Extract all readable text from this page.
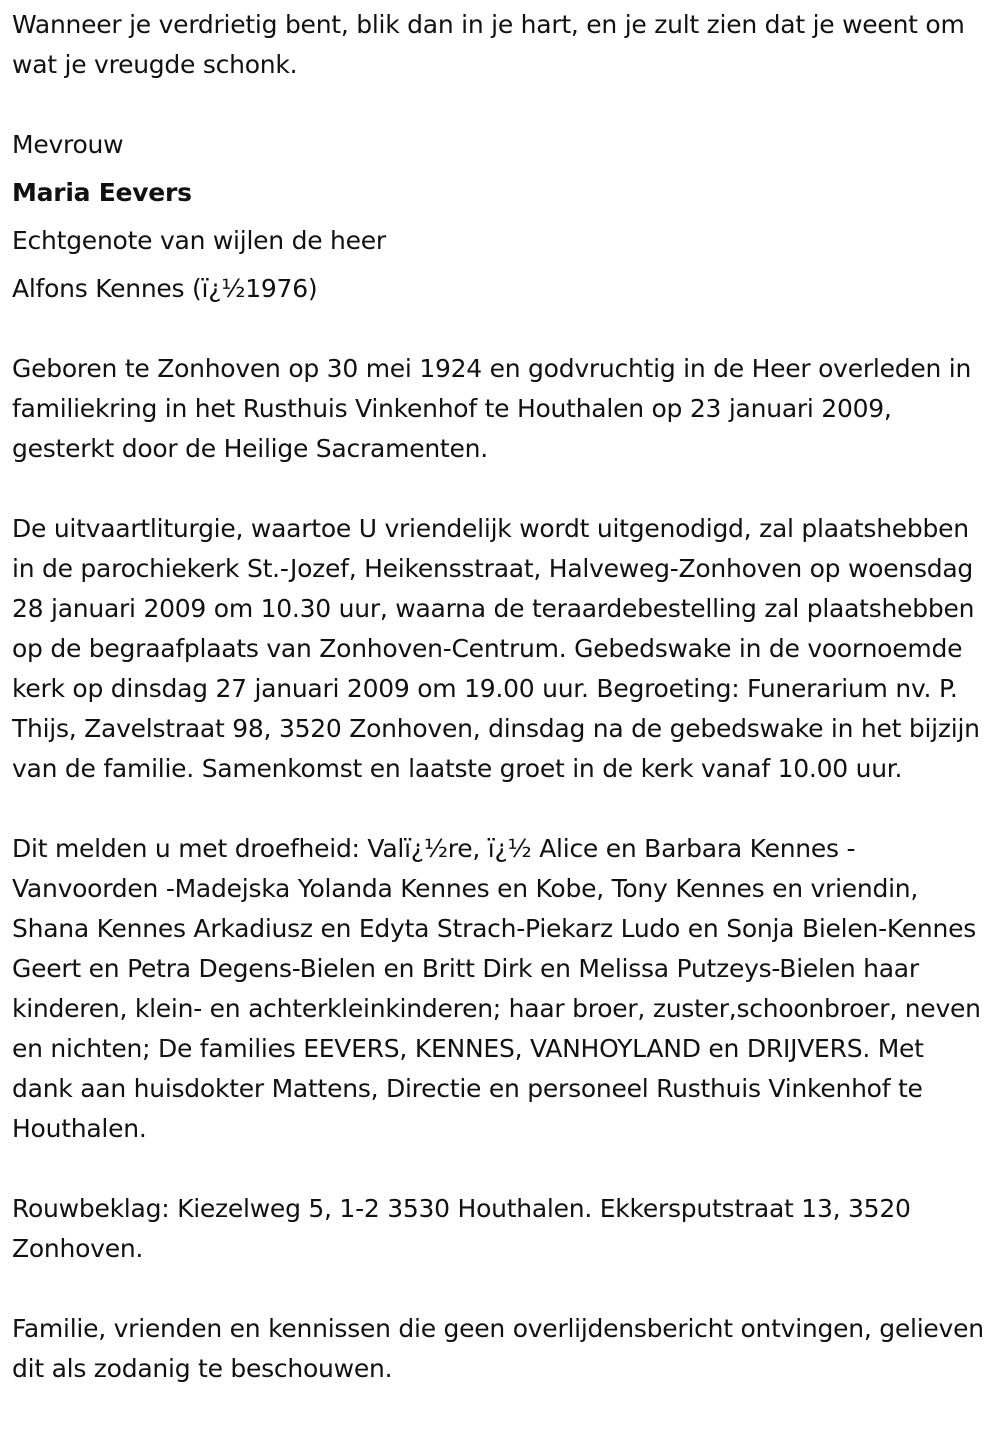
Wanneer je verdrietig bent, blik dan in je hart, en je zult zien dat je weent om wat je vreugde schonk.

Mevrouw

Maria Eevers

Echtgenote van wijlen de heer

Alfons Kennes (ï¿½1976)

Geboren te Zonhoven op 30 mei 1924 en godvruchtig in de Heer overleden in familiekring in het Rusthuis Vinkenhof te Houthalen op 23 januari 2009, gesterkt door de Heilige Sacramenten.

De uitvaartliturgie, waartoe U vriendelijk wordt uitgenodigd, zal plaatshebben in de parochiekerk St.-Jozef, Heikensstraat, Halveweg-Zonhoven op woensdag 28 januari 2009 om 10.30 uur, waarna de teraardebestelling zal plaatshebben op de begraafplaats van Zonhoven-Centrum. Gebedswake in de voornoemde kerk op dinsdag 27 januari 2009 om 19.00 uur. Begroeting: Funerarium nv. P. Thijs, Zavelstraat 98, 3520 Zonhoven, dinsdag na de gebedswake in het bijzijn van de familie. Samenkomst en laatste groet in de kerk vanaf 10.00 uur.

Dit melden u met droefheid: Valï¿½re, ï¿½ Alice en Barbara Kennes -Vanvoorden -Madejska Yolanda Kennes en Kobe, Tony Kennes en vriendin, Shana Kennes Arkadiusz en Edyta Strach-Piekarz Ludo en Sonja Bielen-Kennes Geert en Petra Degens-Bielen en Britt Dirk en Melissa Putzeys-Bielen haar kinderen, klein- en achterkleinkinderen; haar broer, zuster,schoonbroer, neven en nichten; De families EEVERS, KENNES, VANHOYLAND en DRIJVERS. Met dank aan huisdokter Mattens, Directie en personeel Rusthuis Vinkenhof te Houthalen.

Rouwbeklag: Kiezelweg 5, 1-2 3530 Houthalen. Ekkersputstraat 13, 3520 Zonhoven.

Familie, vrienden en kennissen die geen overlijdensbericht ontvingen, gelieven dit als zodanig te beschouwen.
